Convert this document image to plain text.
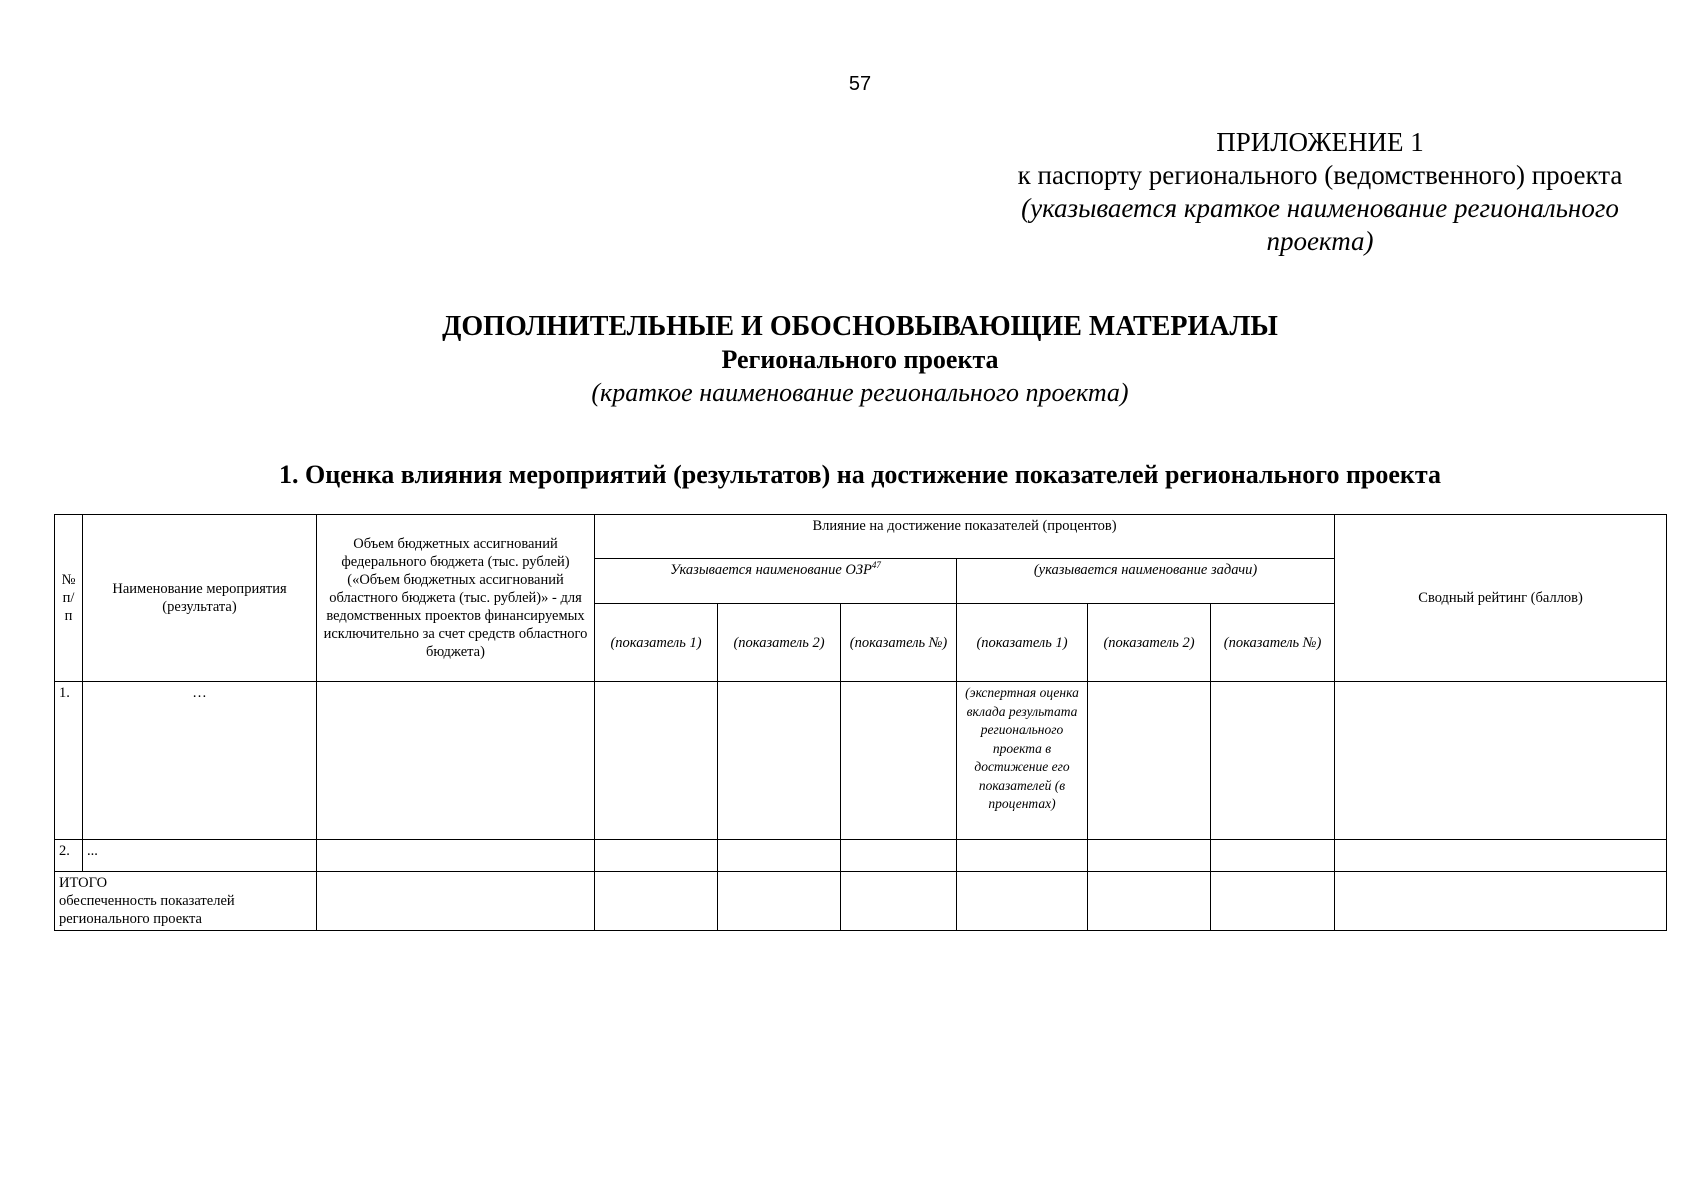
57
ПРИЛОЖЕНИЕ 1
к паспорту регионального (ведомственного) проекта
(указывается краткое наименование регионального
проекта)
ДОПОЛНИТЕЛЬНЫЕ И ОБОСНОВЫВАЮЩИЕ МАТЕРИАЛЫ
Регионального проекта
(краткое наименование регионального проекта)
1. Оценка влияния мероприятий (результатов) на достижение показателей регионального проекта
№ п/п	Наименование мероприятия (результата)	Объем бюджетных ассигнований федерального бюджета (тыс. рублей) («Объем бюджетных ассигнований областного бюджета (тыс. рублей)» - для ведомственных проектов финансируемых исключительно за счет средств областного бюджета)	Влияние на достижение показателей (процентов)						Сводный рейтинг (баллов)
			Указывается наименование ОЗР$^{47}$			(указывается наименование задачи)			
			(показатель 1)	(показатель 2)	(показатель №)	(показатель 1)	(показатель 2)	(показатель №)	
1.	…					(экспертная оценка вклада результата регионального проекта в достижение его показателей (в процентах)			
2.	...								

ИТОГО
обеспеченность показателей регионального проекта									
